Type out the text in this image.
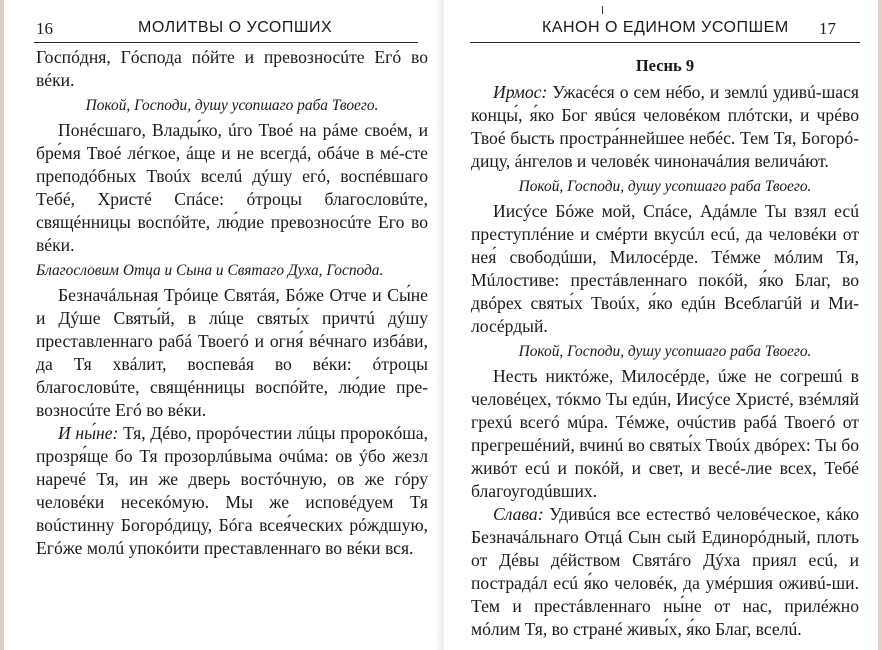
16	МОЛИТВЫ О УСОПШИХ

Госпóдня, Гóспода пóйте и превозносúте Егó во вéки.

Покой, Господи, душу усопшаго раба Твоего.

Понéсшаго, Влады́ко, úго Твоé на рáме своéм, и бре́мя Твоé лéгкое, áще и не всегдá, обáче в мé-сте преподóбных Твоúх вселú дýшу егó, воспéвшаго Тебé, Христé Спáсе: óтроцы благословúте, свящéнницы воспóйте, лю́дие превозносúте Его во вéки.

Благословим Отца и Сына и Святаго Духа, Господа.

Безначáльная Трóице Святáя, Бóже Отче и Сы́не и Дýше Святы́й, в лúце святы́х причтú дýшу преставленнаго рабá Твоегó и огня́ вéчнаго избáви, да Тя хвáлит, воспевáя во вéки: óтроцы благословúте, свящéнницы воспóйте, лю́дие пре-возносúте Егó во вéки.

И ны́не: Тя, Дéво, прорóчестии лúцы пророкóша, прозря́ще бо Тя прозорлúвыма очúма: ов ýбо жезл наречé Тя, ин же дверь востóчную, ов же гóру человéки несекóмую. Мы же исповéдуем Тя воúстинну Богорóдицу, Бóга всея́ческих рóждшую, Егóже молú упокóити преставленнаго во вéки вся.

КАНОН О ЕДИНОМ УСОПШЕМ 17

Песнь 9

Ирмос: Ужасéся о сем нéбо, и землú удивú-шася концы́, я́ко Бог явúся человéком плóтски, и чрéво Твоé бысть простра́ннейшее небéс. Тем Тя, Богорó-дицу, áнгелов и человéк чиноначáлия величáют.

Покой, Господи, душу усопшаго раба Твоего.

Иисýсе Бóже мой, Спáсе, Адáмле Ты взял есú преступлéние и смéрти вкусúл есú, да человéки от нея́ свободúши, Милосéрде. Тéмже мóлим Тя, Мúлостиве: престáвленнаго покóй, я́ко Благ, во двóрех святы́х Твоúх, я́ко едúн Всеблагúй и Ми-лосéрдый.

Покой, Господи, душу усопшаго раба Твоего.

Несть никтóже, Милосéрде, úже не согрешú в человéцех, тóкмо Ты едúн, Иисýсе Христé, взéмляй грехú всегó мúра. Тéмже, очúстив рабá Твоегó от прегрешéний, вчинú во святы́х Твоúх двóрех: Ты бо живóт есú и покóй, и свет, и весé-лие всех, Тебé благоугодúвших.

Слава: Удивúся все естествó человéческое, кáко Безначáльнаго Отцá Сын сый Единорóдный, плоть от Дéвы дéйством Святáго Дýха приял есú, и пострадáл есú я́ко человéк, да умéршия оживú-ши. Тем и престáвленнаго ны́не от нас, прилéжно мóлим Тя, во странé живы́х, я́ко Благ, вселú.
